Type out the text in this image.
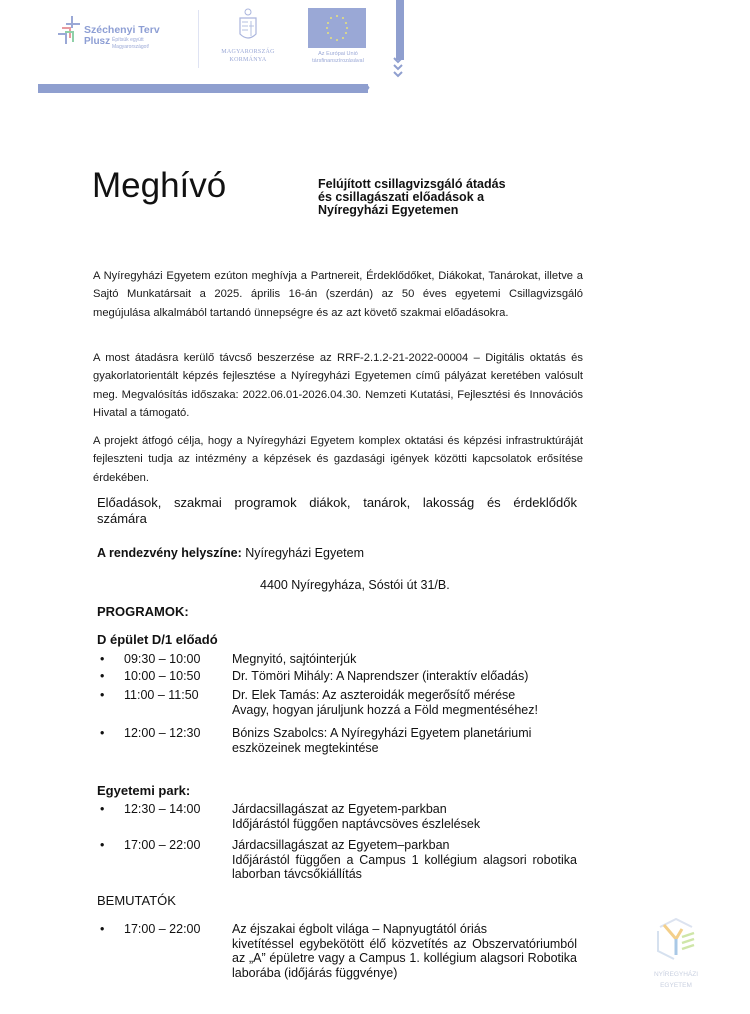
›››
Széchenyi Terv
Plusz Építsük együtt
Magyarországot!
MAGYARORSZÁG
KORMÁNYA
Az Európai Unió
társfinanszírozásával
Meghívó	Felújított csillagvizsgáló átadás
és csillagászati előadások a
Nyíregyházi Egyetemen
A Nyíregyházi Egyetem ezúton meghívja a Partnereit, Érdeklődőket, Diákokat, Tanárokat, illetve a Sajtó Munkatársait a 2025. április 16-án (szerdán) az 50 éves egyetemi Csillagvizsgáló megújulása alkalmából tartandó ünnepségre és az azt követő szakmai előadásokra.
A most átadásra kerülő távcső beszerzése az RRF-2.1.2-21-2022-00004 – Digitális oktatás és gyakorlatorientált képzés fejlesztése a Nyíregyházi Egyetemen című pályázat keretében valósult meg. Megvalósítás időszaka: 2022.06.01-2026.04.30. Nemzeti Kutatási, Fejlesztési és Innovációs Hivatal a támogató.
A projekt átfogó célja, hogy a Nyíregyházi Egyetem komplex oktatási és képzési infrastruktúráját fejleszteni tudja az intézmény a képzések és gazdasági igények közötti kapcsolatok erősítése érdekében.
Előadások, szakmai programok diákok, tanárok, lakosság és érdeklődők számára
A rendezvény helyszíne: Nyíregyházi Egyetem
4400 Nyíregyháza, Sóstói út 31/B.
PROGRAMOK:
D épület D/1 előadó
• 09:30 – 10:00	Megnyitó, sajtóinterjúk
• 10:00 – 10:50	Dr. Tömöri Mihály: A Naprendszer (interaktív előadás)
• 11:00 – 11:50	Dr. Elek Tamás: Az aszteroidák megerősítő mérése
Avagy, hogyan járuljunk hozzá a Föld megmentéséhez!
• 12:00 – 12:30	Bónizs Szabolcs: A Nyíregyházi Egyetem planetáriumi
eszközeinek megtekintése
Egyetemi park:
• 12:30 – 14:00	Járdacsillagászat az Egyetem-parkban
Időjárástól függően naptávcsöves észlelések
• 17:00 – 22:00	Járdacsillagászat az Egyetem–parkban
Időjárástól függően a Campus 1 kollégium alagsori robotika laborban távcsőkiállítás
BEMUTATÓK
• 17:00 – 22:00	Az éjszakai égbolt világa – Napnyugtától óriás
kivetítéssel egybekötött élő közvetítés az Obszervatóriumból az „A” épületre vagy a Campus 1. kollégium alagsori Robotika laborába (időjárás függvénye)	NYÍREGYHÁZI
EGYETEM
